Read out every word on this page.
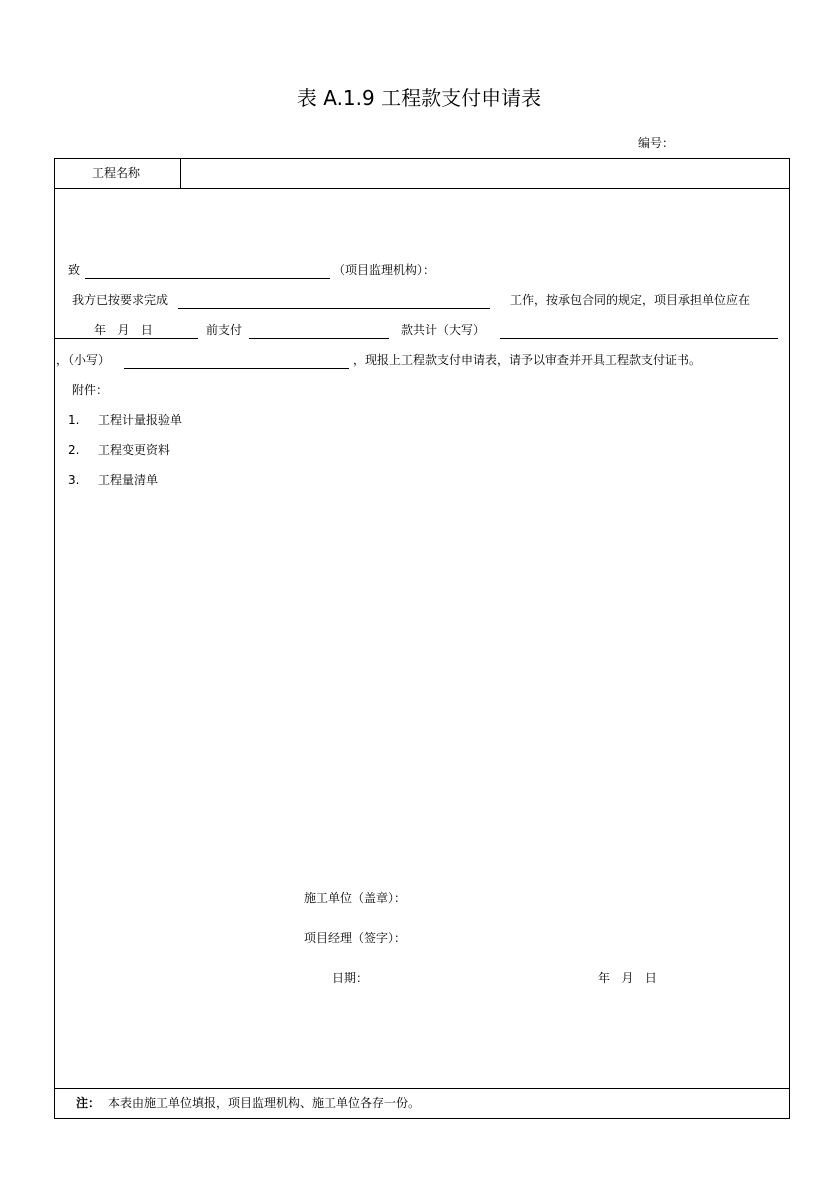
表 A.1.9 工程款支付申请表
编号：
工程名称
致	（项目监理机构）：
我方已按要求完成	工作，按承包合同的规定，项目承担单位应在
年   月   日	前支付	款共计（大写）
，（小写）	，现报上工程款支付申请表，请予以审查并开具工程款支付证书。
附件：
1. 工程计量报验单
2. 工程变更资料
3. 工程量清单
施工单位（盖章）：
项目经理（签字）：
日期：	年   月   日
注： 本表由施工单位填报，项目监理机构、施工单位各存一份。
